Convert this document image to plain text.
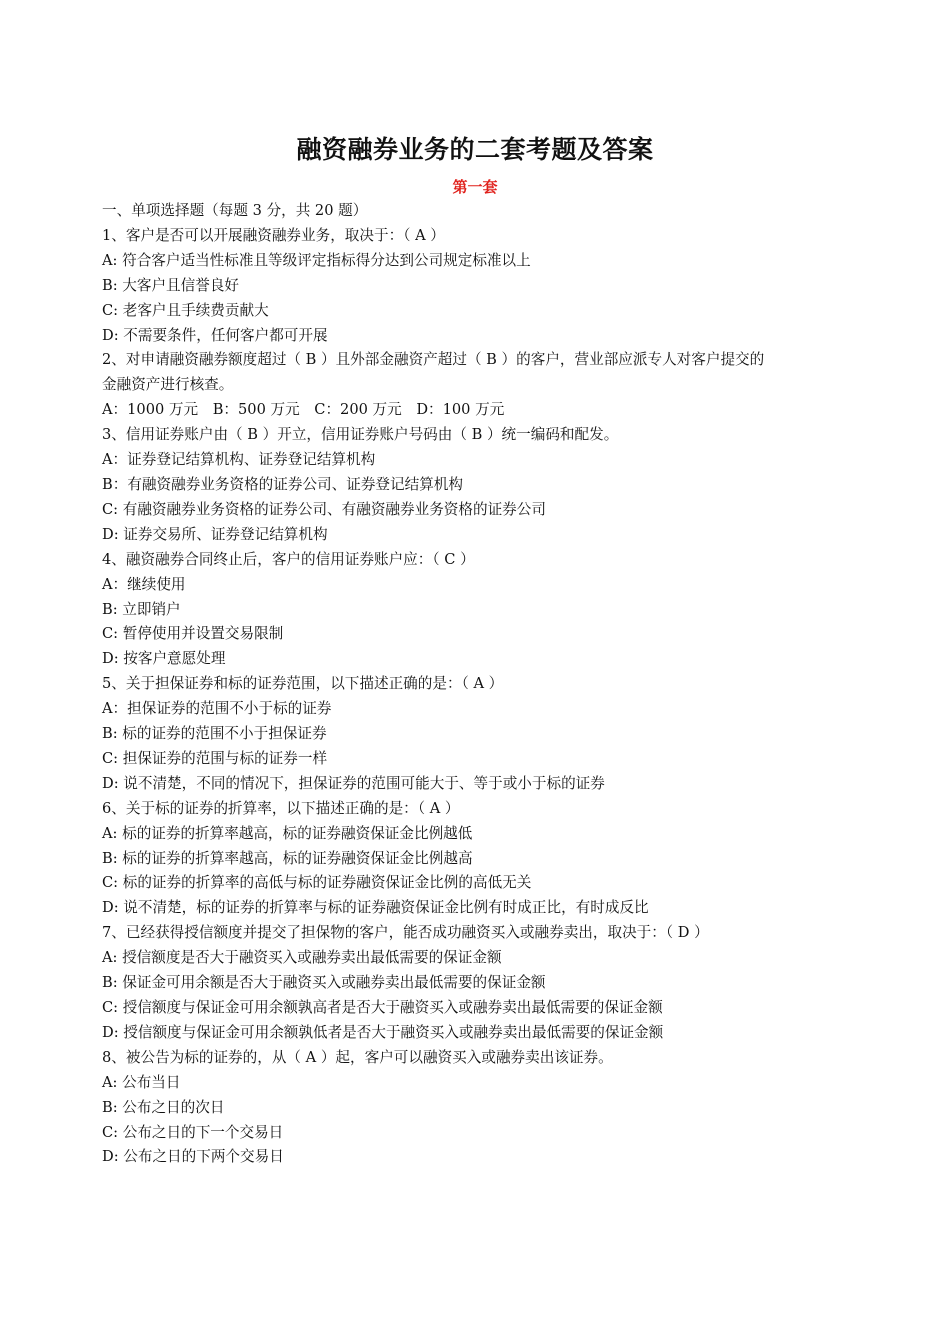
融资融券业务的二套考题及答案
第一套
一、单项选择题（每题 3 分，共 20 题）
1、客户是否可以开展融资融券业务，取决于：（ A ）
A: 符合客户适当性标准且等级评定指标得分达到公司规定标准以上
B: 大客户且信誉良好
C: 老客户且手续费贡献大
D: 不需要条件，任何客户都可开展
2、对申请融资融券额度超过（ B ）且外部金融资产超过（ B ）的客户，营业部应派专人对客户提交的
金融资产进行核查。
A：1000 万元　B：500 万元　C：200 万元　D：100 万元
3、信用证券账户由（ B ）开立，信用证券账户号码由（ B ）统一编码和配发。
A：证券登记结算机构、证券登记结算机构
B：有融资融券业务资格的证券公司、证券登记结算机构
C: 有融资融券业务资格的证券公司、有融资融券业务资格的证券公司
D: 证券交易所、证券登记结算机构
4、融资融券合同终止后，客户的信用证券账户应：（ C ）
A：继续使用
B: 立即销户
C: 暂停使用并设置交易限制
D: 按客户意愿处理
5、关于担保证券和标的证券范围，以下描述正确的是：（ A ）
A：担保证券的范围不小于标的证券
B: 标的证券的范围不小于担保证券
C: 担保证券的范围与标的证券一样
D: 说不清楚，不同的情况下，担保证券的范围可能大于、等于或小于标的证券
6、关于标的证券的折算率，以下描述正确的是：（ A ）
A: 标的证券的折算率越高，标的证券融资保证金比例越低
B: 标的证券的折算率越高，标的证券融资保证金比例越高
C: 标的证券的折算率的高低与标的证券融资保证金比例的高低无关
D: 说不清楚，标的证券的折算率与标的证券融资保证金比例有时成正比，有时成反比
7、已经获得授信额度并提交了担保物的客户，能否成功融资买入或融券卖出，取决于：（ D ）
A: 授信额度是否大于融资买入或融券卖出最低需要的保证金额
B: 保证金可用余额是否大于融资买入或融券卖出最低需要的保证金额
C: 授信额度与保证金可用余额孰高者是否大于融资买入或融券卖出最低需要的保证金额
D: 授信额度与保证金可用余额孰低者是否大于融资买入或融券卖出最低需要的保证金额
8、被公告为标的证券的，从（ A ）起，客户可以融资买入或融券卖出该证券。
A: 公布当日
B: 公布之日的次日
C: 公布之日的下一个交易日
D: 公布之日的下两个交易日
